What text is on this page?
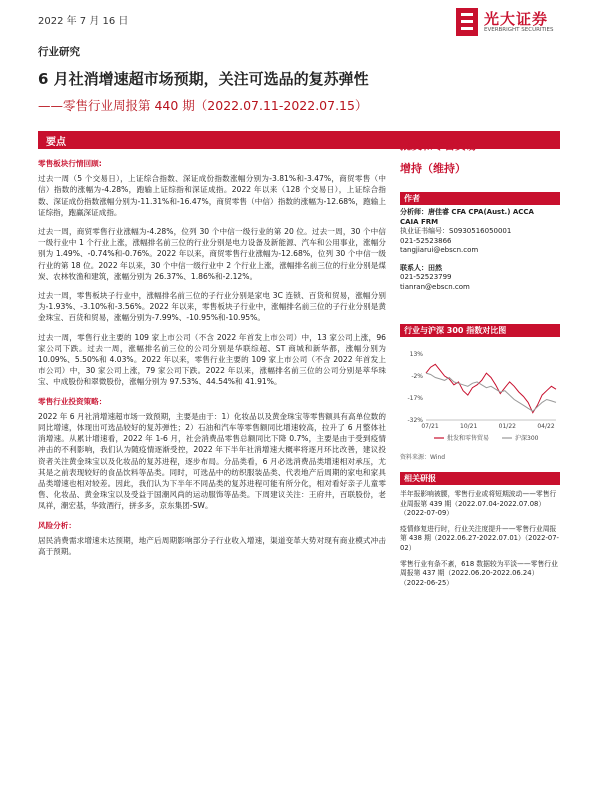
2022 年 7 月 16 日	光大证券
EVERBRIGHT SECURITIES
行业研究
6 月社消增速超市场预期，关注可选品的复苏弹性
——零售行业周报第 440 期（2022.07.11-2022.07.15）
要点
零售板块行情回顾:

过去一周（5 个交易日），上证综合指数、深证成份指数涨幅分别为-3.81%和-3.47%，商贸零售（中信）指数的涨幅为-4.28%，跑输上证综指和深证成指。2022 年以来（128 个交易日），上证综合指数、深证成份指数涨幅分别为-11.31%和-16.47%，商贸零售（中信）指数的涨幅为-12.68%，跑输上证综指，跑赢深证成指。

过去一周，商贸零售行业涨幅为-4.28%，位列 30 个中信一级行业的第 20 位。过去一周，30 个中信一级行业中 1 个行业上涨，涨幅排名前三位的行业分别是电力设备及新能源、汽车和公用事业，涨幅分别为 1.49%、-0.74%和-0.76%。2022 年以来，商贸零售行业涨幅为-12.68%，位列 30 个中信一级行业的第 18 位。2022 年以来，30 个中信一级行业中 2 个行业上涨，涨幅排名前三位的行业分别是煤炭、农林牧渔和建筑，涨幅分别为 26.37%、1.86%和-2.12%。

过去一周，零售板块子行业中，涨幅排名前三位的子行业分别是家电 3C 连锁、百货和贸易，涨幅分别为-1.93%、-3.10%和-3.56%。2022 年以来，零售板块子行业中，涨幅排名前三位的子行业分别是黄金珠宝、百货和贸易，涨幅分别为-7.99%、-10.95%和-10.95%。

过去一周，零售行业主要的 109 家上市公司（不含 2022 年首发上市公司）中，13 家公司上涨，96 家公司下跌。过去一周，涨幅排名前三位的公司分别是华联综超、ST 商城和新华都，涨幅分别为 10.09%、5.50%和 4.03%。2022 年以来，零售行业主要的 109 家上市公司（不含 2022 年首发上市公司）中，30 家公司上涨，79 家公司下跌。2022 年以来，涨幅排名前三位的公司分别是萃华珠宝、中成股份和翠微股份，涨幅分别为 97.53%、44.54%和 41.91%。

零售行业投资策略：

2022 年 6 月社消增速超市场一致预期，主要是由于：1）化妆品以及黄金珠宝等零售额具有高单位数的同比增速，体现出可选品较好的复苏弹性；2）石油和汽车等零售额同比增速较高，拉升了 6 月整体社消增速。从累计增速看，2022 年 1-6 月，社会消费品零售总额同比下降 0.7%，主要是由于受到疫情冲击的不利影响，我们认为随疫情逐渐受控，2022 年下半年社消增速大概率将逐月环比改善，建议投资者关注黄金珠宝以及化妆品的复苏进程，逐步布局。分品类看，6 月必选消费品类增速相对承压，尤其是之前表现较好的食品饮料等品类。同时，可选品中的纺织服装品类、代表地产后周期的家电和家具品类增速也相对较差。因此，我们认为下半年不同品类的复苏进程可能有所分化，相对看好亲子儿童零售、化妆品、黄金珠宝以及受益于国潮风尚的运动服饰等品类。下周建议关注：王府井，百联股份，老凤祥，潮宏基，华致酒行，拼多多，京东集团-SW。

风险分析：

居民消费需求增速未达预期，地产后周期影响部分子行业收入增速，渠道变革大势对现有商业模式冲击高于预期。

批发和零售贸易
增持（维持）
作者
分析师：唐佳睿 CFA CPA(Aust.) ACCA
CAIA FRM
执业证书编号：S0930516050001
021-52523866
tangjiarui@ebscn.com
联系人：田然
021-52523799
tianran@ebscn.com
行业与沪深 300 指数对比图
13%
-2%
-17%
-32%
07/21	10/21	01/22	04/22
批发和零售贸易	沪深300
资料来源：Wind
相关研报
半年报影响被腰，零售行业或将短期波动——零售行业周报第 439 期（2022.07.04-2022.07.08）（2022-07-09）
疫情修复进行时，行业关注度提升——零售行业周报第 438 期（2022.06.27-2022.07.01）（2022-07-02）
零售行业有条不紊，618 数据较为平淡——零售行业周报第 437 期（2022.06.20-2022.06.24）（2022-06-25）
